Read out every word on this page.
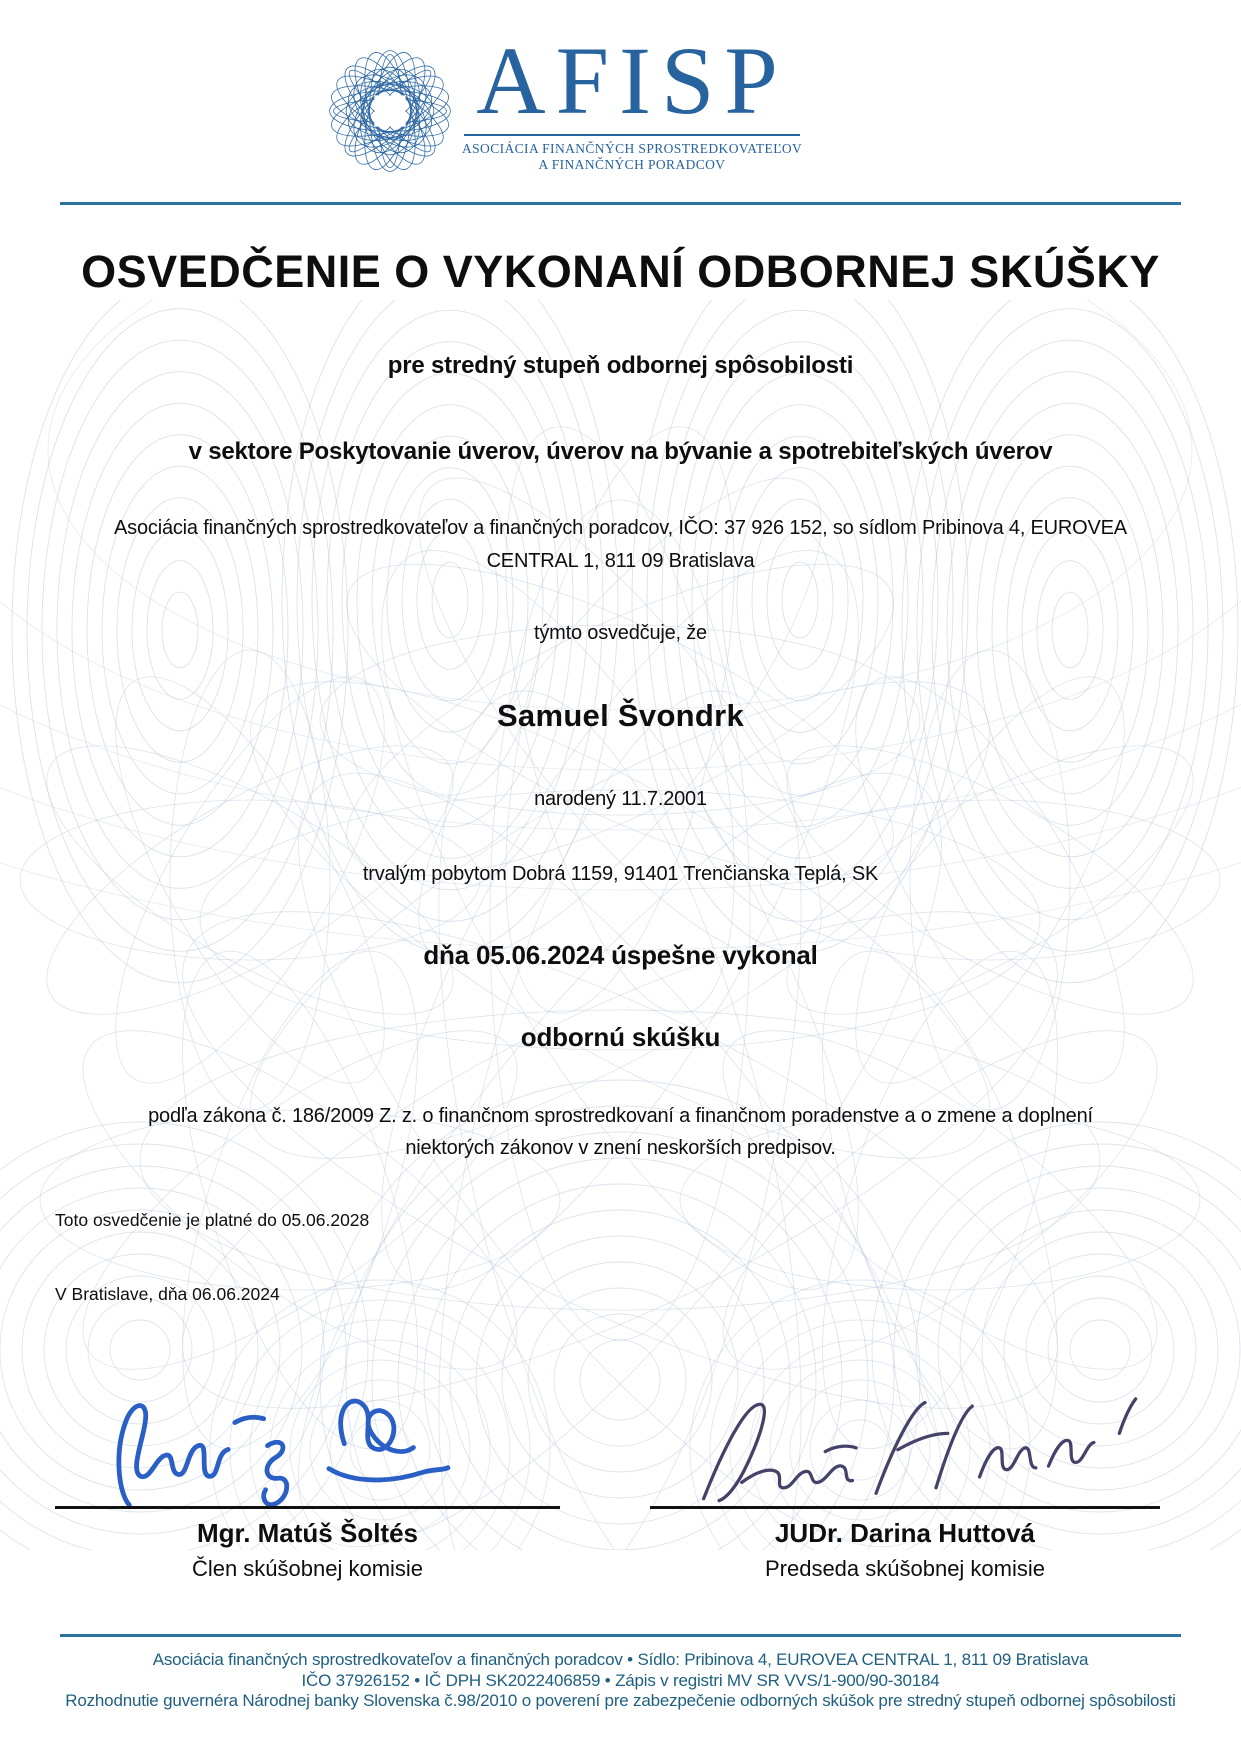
AFISP
ASOCIÁCIA FINANČNÝCH SPROSTREDKOVATEĽOV
A FINANČNÝCH PORADCOV
OSVEDČENIE O VYKONANÍ ODBORNEJ SKÚŠKY
pre stredný stupeň odbornej spôsobilosti
v sektore Poskytovanie úverov, úverov na bývanie a spotrebiteľských úverov
Asociácia finančných sprostredkovateľov a finančných poradcov, IČO: 37 926 152, so sídlom Pribinova 4, EUROVEA
CENTRAL 1, 811 09 Bratislava
týmto osvedčuje, že
Samuel Švondrk
narodený 11.7.2001
trvalým pobytom Dobrá 1159, 91401 Trenčianska Teplá, SK
dňa 05.06.2024 úspešne vykonal
odbornú skúšku
podľa zákona č. 186/2009 Z. z. o finančnom sprostredkovaní a finančnom poradenstve a o zmene a doplnení
niektorých zákonov v znení neskorších predpisov.
Toto osvedčenie je platné do 05.06.2028
V Bratislave, dňa 06.06.2024
Mgr. Matúš Šoltés
Člen skúšobnej komisie
JUDr. Darina Huttová
Predseda skúšobnej komisie
Asociácia finančných sprostredkovateľov a finančných poradcov • Sídlo: Pribinova 4, EUROVEA CENTRAL 1, 811 09 Bratislava
IČO 37926152 • IČ DPH SK2022406859 • Zápis v registri MV SR VVS/1-900/90-30184
Rozhodnutie guvernéra Národnej banky Slovenska č.98/2010 o poverení pre zabezpečenie odborných skúšok pre stredný stupeň odbornej spôsobilosti
